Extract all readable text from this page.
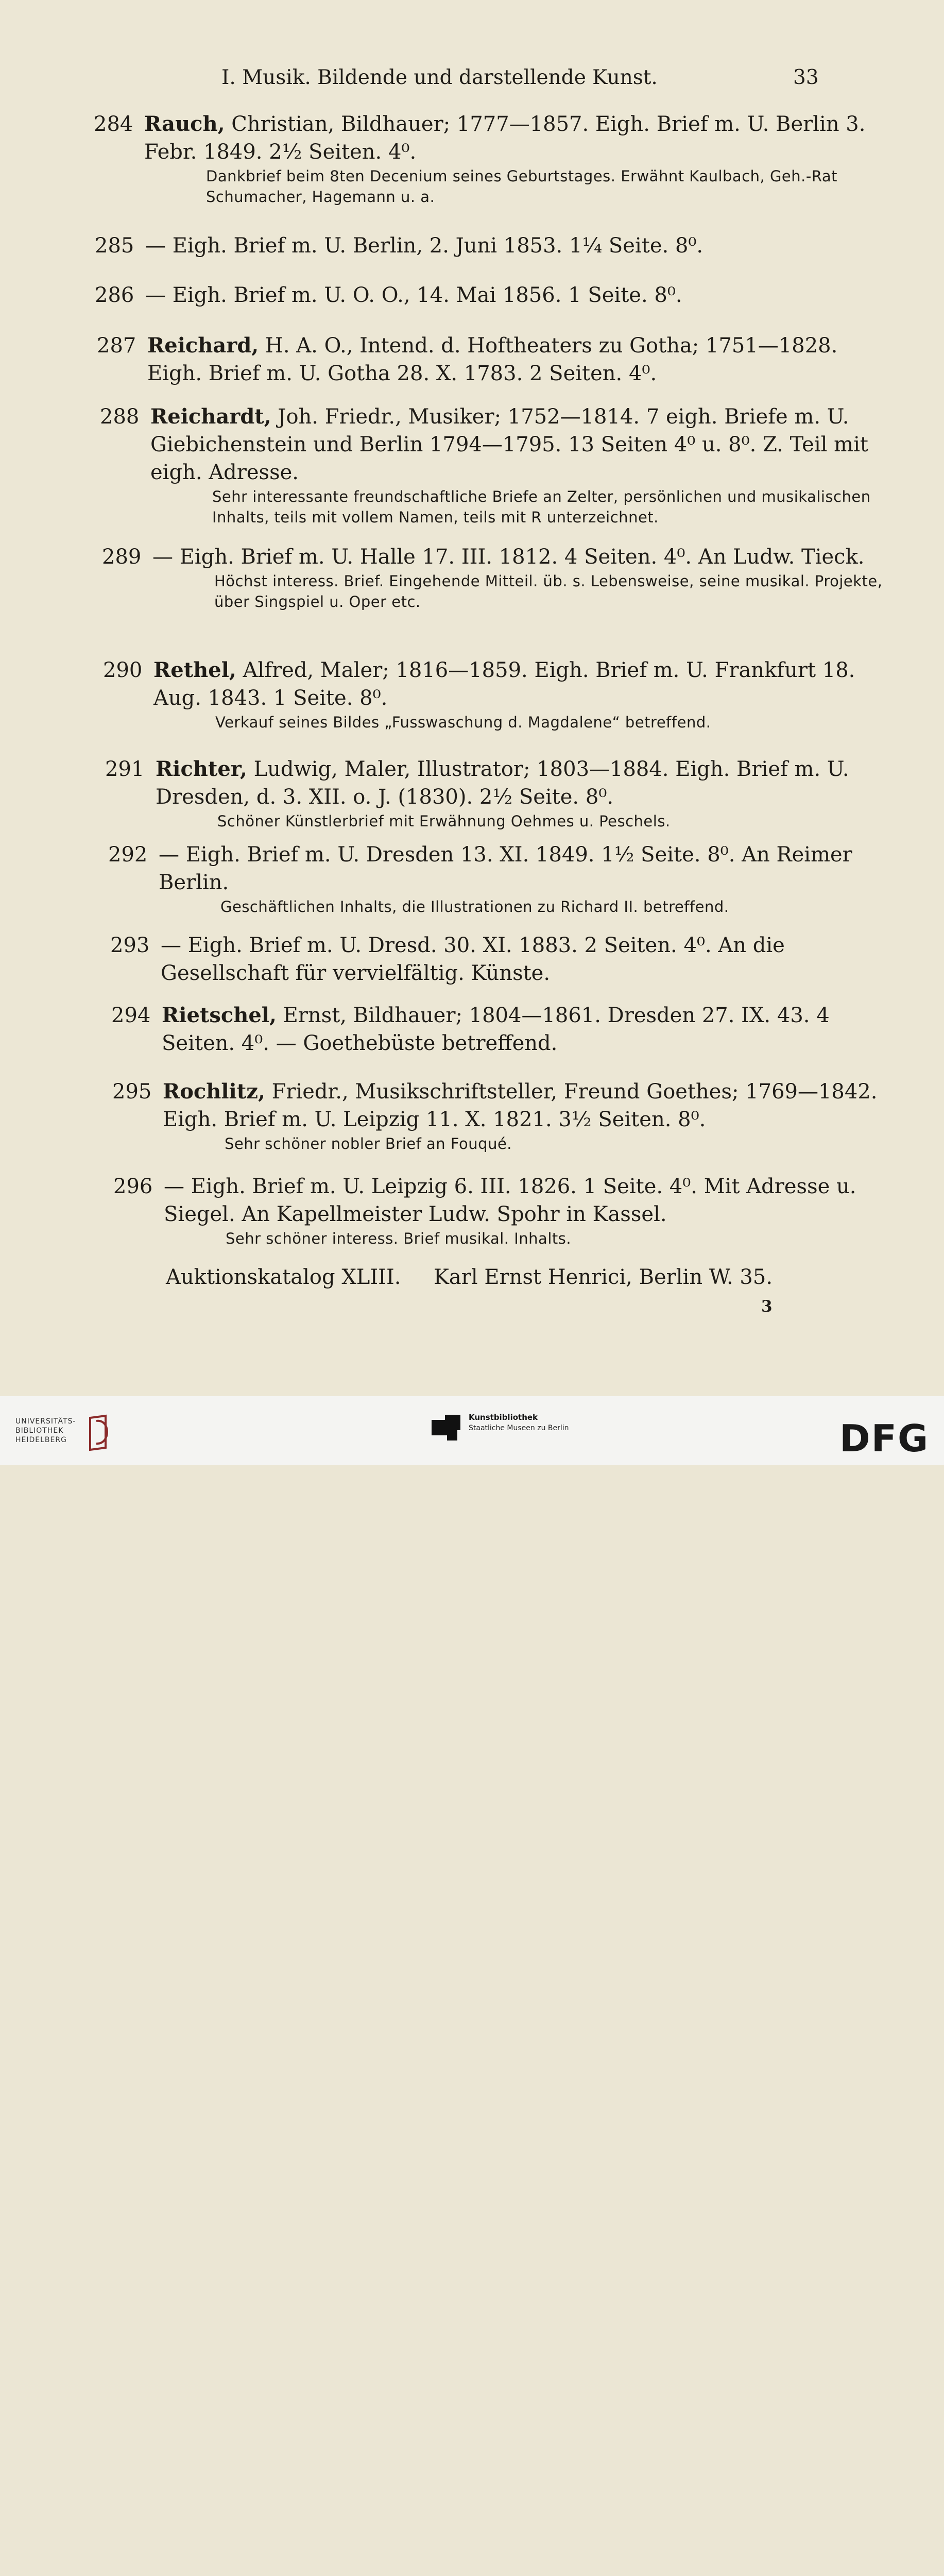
I. Musik. Bildende und darstellende Kunst.	33
284 Rauch, Christian, Bildhauer; 1777—1857. Eigh. Brief m. U. Berlin 3. Febr. 1849. 2½ Seiten. 4⁰.
Dankbrief beim 8ten Decenium seines Geburtstages. Erwähnt Kaulbach, Geh.-Rat Schumacher, Hagemann u. a.
285 — Eigh. Brief m. U. Berlin, 2. Juni 1853. 1¼ Seite. 8⁰.
286 — Eigh. Brief m. U. O. O., 14. Mai 1856. 1 Seite. 8⁰.
287 Reichard, H. A. O., Intend. d. Hoftheaters zu Gotha; 1751—1828. Eigh. Brief m. U. Gotha 28. X. 1783. 2 Seiten. 4⁰.
288 Reichardt, Joh. Friedr., Musiker; 1752—1814. 7 eigh. Briefe m. U. Giebichenstein und Berlin 1794—1795. 13 Seiten 4⁰ u. 8⁰. Z. Teil mit eigh. Adresse.
Sehr interessante freundschaftliche Briefe an Zelter, persönlichen und musikalischen Inhalts, teils mit vollem Namen, teils mit R unterzeichnet.
289 — Eigh. Brief m. U. Halle 17. III. 1812. 4 Seiten. 4⁰. An Ludw. Tieck.
Höchst interess. Brief. Eingehende Mitteil. üb. s. Lebensweise, seine musikal. Projekte, über Singspiel u. Oper etc.
290 Rethel, Alfred, Maler; 1816—1859. Eigh. Brief m. U. Frankfurt 18. Aug. 1843. 1 Seite. 8⁰.
Verkauf seines Bildes „Fusswaschung d. Magdalene“ betreffend.
291 Richter, Ludwig, Maler, Illustrator; 1803—1884. Eigh. Brief m. U. Dresden, d. 3. XII. o. J. (1830). 2½ Seite. 8⁰.
Schöner Künstlerbrief mit Erwähnung Oehmes u. Peschels.
292 — Eigh. Brief m. U. Dresden 13. XI. 1849. 1½ Seite. 8⁰. An Reimer Berlin.
Geschäftlichen Inhalts, die Illustrationen zu Richard II. betreffend.
293 — Eigh. Brief m. U. Dresd. 30. XI. 1883. 2 Seiten. 4⁰. An die Gesellschaft für vervielfältig. Künste.
294 Rietschel, Ernst, Bildhauer; 1804—1861. Dresden 27. IX. 43. 4 Seiten. 4⁰. — Goethebüste betreffend.
295 Rochlitz, Friedr., Musikschriftsteller, Freund Goethes; 1769—1842. Eigh. Brief m. U. Leipzig 11. X. 1821. 3½ Seiten. 8⁰.
Sehr schöner nobler Brief an Fouqué.
296 — Eigh. Brief m. U. Leipzig 6. III. 1826. 1 Seite. 4⁰. Mit Adresse u. Siegel. An Kapellmeister Ludw. Spohr in Kassel.
Sehr schöner interess. Brief musikal. Inhalts.
Auktionskatalog XLIII. Karl Ernst Henrici, Berlin W. 35.
3
UNIVERSITÄTS-
BIBLIOTHEK
HEIDELBERG
Kunstbibliothek
Staatliche Museen zu Berlin	DFG
